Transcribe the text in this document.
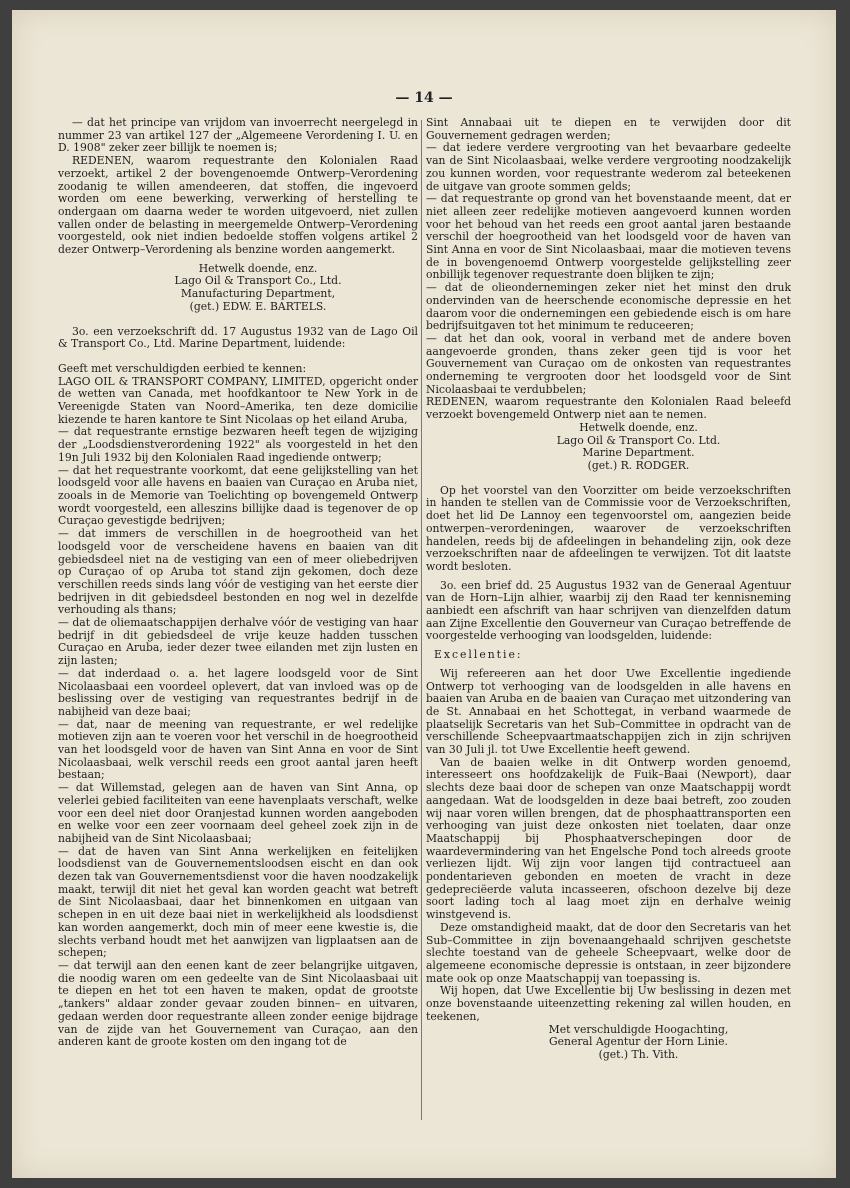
— 14 —

— dat het principe van vrijdom van invoerrecht neergelegd in nummer 23 van artikel 127 der „Algemeene Verordening I. U. en D. 1908" zeker zeer billijk te noemen is;

REDENEN, waarom requestrante den Kolonialen Raad verzoekt, artikel 2 der bovengenoemde Ontwerp–Verordening zoodanig te willen amendeeren, dat stoffen, die ingevoerd worden om eene bewerking, verwerking of herstelling te ondergaan om daarna weder te worden uitgevoerd, niet zullen vallen onder de belasting in meergemelde Ontwerp–Verordening voorgesteld, ook niet indien bedoelde stoffen volgens artikel 2 dezer Ontwerp–Verordening als benzine worden aangemerkt.

Hetwelk doende, enz.

Lago Oil & Transport Co., Ltd.

Manufacturing Department,

(get.) EDW. E. BARTELS.

3o. een verzoekschrift dd. 17 Augustus 1932 van de Lago Oil & Transport Co., Ltd. Marine Department, luidende:

Geeft met verschuldigden eerbied te kennen:

LAGO OIL & TRANSPORT COMPANY, LIMITED, opgericht onder de wetten van Canada, met hoofdkantoor te New York in de Vereenigde Staten van Noord–Amerika, ten deze domicilie kiezende te haren kantore te Sint Nicolaas op het eiland Aruba,

— dat requestrante ernstige bezwaren heeft tegen de wijziging der „Loodsdienstverordening 1922" als voorgesteld in het den 19n Juli 1932 bij den Kolonialen Raad ingediende ontwerp;

— dat het requestrante voorkomt, dat eene gelijkstelling van het loodsgeld voor alle havens en baaien van Curaçao en Aruba niet, zooals in de Memorie van Toelichting op bovengemeld Ontwerp wordt voorgesteld, een alleszins billijke daad is tegenover de op Curaçao gevestigde bedrijven;

— dat immers de verschillen in de hoegrootheid van het loodsgeld voor de verscheidene havens en baaien van dit gebiedsdeel niet na de vestiging van een of meer oliebedrijven op Curaçao of op Aruba tot stand zijn gekomen, doch deze verschillen reeds sinds lang vóór de vestiging van het eerste dier bedrijven in dit gebiedsdeel bestonden en nog wel in dezelfde verhouding als thans;

— dat de oliemaatschappijen derhalve vóór de vestiging van haar bedrijf in dit gebiedsdeel de vrije keuze hadden tusschen Curaçao en Aruba, ieder dezer twee eilanden met zijn lusten en zijn lasten;

— dat inderdaad o. a. het lagere loodsgeld voor de Sint Nicolaasbaai een voordeel oplevert, dat van invloed was op de beslissing over de vestiging van requestrantes bedrijf in de nabijheid van deze baai;

— dat, naar de meening van requestrante, er wel redelijke motieven zijn aan te voeren voor het verschil in de hoegrootheid van het loodsgeld voor de haven van Sint Anna en voor de Sint Nicolaasbaai, welk verschil reeds een groot aantal jaren heeft bestaan;

— dat Willemstad, gelegen aan de haven van Sint Anna, op velerlei gebied faciliteiten van eene havenplaats verschaft, welke voor een deel niet door Oranjestad kunnen worden aangeboden en welke voor een zeer voornaam deel geheel zoek zijn in de nabijheid van de Sint Nicolaasbaai;

— dat de haven van Sint Anna werkelijken en feitelijken loodsdienst van de Gouvernementsloodsen eischt en dan ook dezen tak van Gouvernementsdienst voor die haven noodzakelijk maakt, terwijl dit niet het geval kan worden geacht wat betreft de Sint Nicolaasbaai, daar het binnenkomen en uitgaan van schepen in en uit deze baai niet in werkelijkheid als loodsdienst kan worden aangemerkt, doch min of meer eene kwestie is, die slechts verband houdt met het aanwijzen van ligplaatsen aan de schepen;

— dat terwijl aan den eenen kant de zeer belangrijke uitgaven, die noodig waren om een gedeelte van de Sint Nicolaasbaai uit te diepen en het tot een haven te maken, opdat de grootste „tankers" aldaar zonder gevaar zouden binnen– en uitvaren, gedaan werden door requestrante alleen zonder eenige bijdrage van de zijde van het Gouvernement van Curaçao, aan den anderen kant de groote kosten om den ingang tot de

Sint Annabaai uit te diepen en te verwijden door dit Gouvernement gedragen werden;

— dat iedere verdere vergrooting van het bevaarbare gedeelte van de Sint Nicolaasbaai, welke verdere vergrooting noodzakelijk zou kunnen worden, voor requestrante wederom zal beteekenen de uitgave van groote sommen gelds;

— dat requestrante op grond van het bovenstaande meent, dat er niet alleen zeer redelijke motieven aangevoerd kunnen worden voor het behoud van het reeds een groot aantal jaren bestaande verschil der hoegrootheid van het loodsgeld voor de haven van Sint Anna en voor de Sint Nicolaasbaai, maar die motieven tevens de in bovengenoemd Ontwerp voorgestelde gelijkstelling zeer onbillijk tegenover requestrante doen blijken te zijn;

— dat de olieondernemingen zeker niet het minst den druk ondervinden van de heerschende economische depressie en het daarom voor die ondernemingen een gebiedende eisch is om hare bedrijfsuitgaven tot het minimum te reduceeren;

— dat het dan ook, vooral in verband met de andere boven aangevoerde gronden, thans zeker geen tijd is voor het Gouvernement van Curaçao om de onkosten van requestrantes onderneming te vergrooten door het loodsgeld voor de Sint Nicolaasbaai te verdubbelen;

REDENEN, waarom requestrante den Kolonialen Raad beleefd verzoekt bovengemeld Ontwerp niet aan te nemen.

Hetwelk doende, enz.

Lago Oil & Transport Co. Ltd.

Marine Department.

(get.) R. RODGER.

Op het voorstel van den Voorzitter om beide verzoekschriften in handen te stellen van de Commissie voor de Verzoekschriften, doet het lid De Lannoy een tegenvoorstel om, aangezien beide ontwerpen–verordeningen, waarover de verzoekschriften handelen, reeds bij de afdeelingen in behandeling zijn, ook deze verzoekschriften naar de afdeelingen te verwijzen. Tot dit laatste wordt besloten.

3o. een brief dd. 25 Augustus 1932 van de Generaal Agentuur van de Horn–Lijn alhier, waarbij zij den Raad ter kennisneming aanbiedt een afschrift van haar schrijven van dienzelfden datum aan Zijne Excellentie den Gouverneur van Curaçao betreffende de voorgestelde verhooging van loodsgelden, luidende:

Excellentie:

Wij refereeren aan het door Uwe Excellentie ingediende Ontwerp tot verhooging van de loodsgelden in alle havens en baaien van Aruba en de baaien van Curaçao met uitzondering van de St. Annabaai en het Schottegat, in verband waarmede de plaatselijk Secretaris van het Sub–Committee in opdracht van de verschillende Scheepvaartmaatschappijen zich in zijn schrijven van 30 Juli jl. tot Uwe Excellentie heeft gewend.

Van de baaien welke in dit Ontwerp worden genoemd, interesseert ons hoofdzakelijk de Fuik–Baai (Newport), daar slechts deze baai door de schepen van onze Maatschappij wordt aangedaan. Wat de loodsgelden in deze baai betreft, zoo zouden wij naar voren willen brengen, dat de phosphaattransporten een verhooging van juist deze onkosten niet toelaten, daar onze Maatschappij bij Phosphaatverschepingen door de waardevermindering van het Engelsche Pond toch alreeds groote verliezen lijdt. Wij zijn voor langen tijd contractueel aan pondentarieven gebonden en moeten de vracht in deze gedepreciëerde valuta incasseeren, ofschoon dezelve bij deze soort lading toch al laag moet zijn en derhalve weinig winstgevend is.

Deze omstandigheid maakt, dat de door den Secretaris van het Sub–Committee in zijn bovenaangehaald schrijven geschetste slechte toestand van de geheele Scheepvaart, welke door de algemeene economische depressie is ontstaan, in zeer bijzondere mate ook op onze Maatschappij van toepassing is.

Wij hopen, dat Uwe Excellentie bij Uw beslissing in dezen met onze bovenstaande uiteenzetting rekening zal willen houden, en teekenen,

Met verschuldigde Hoogachting,

General Agentur der Horn Linie.

(get.) Th. Vith.
